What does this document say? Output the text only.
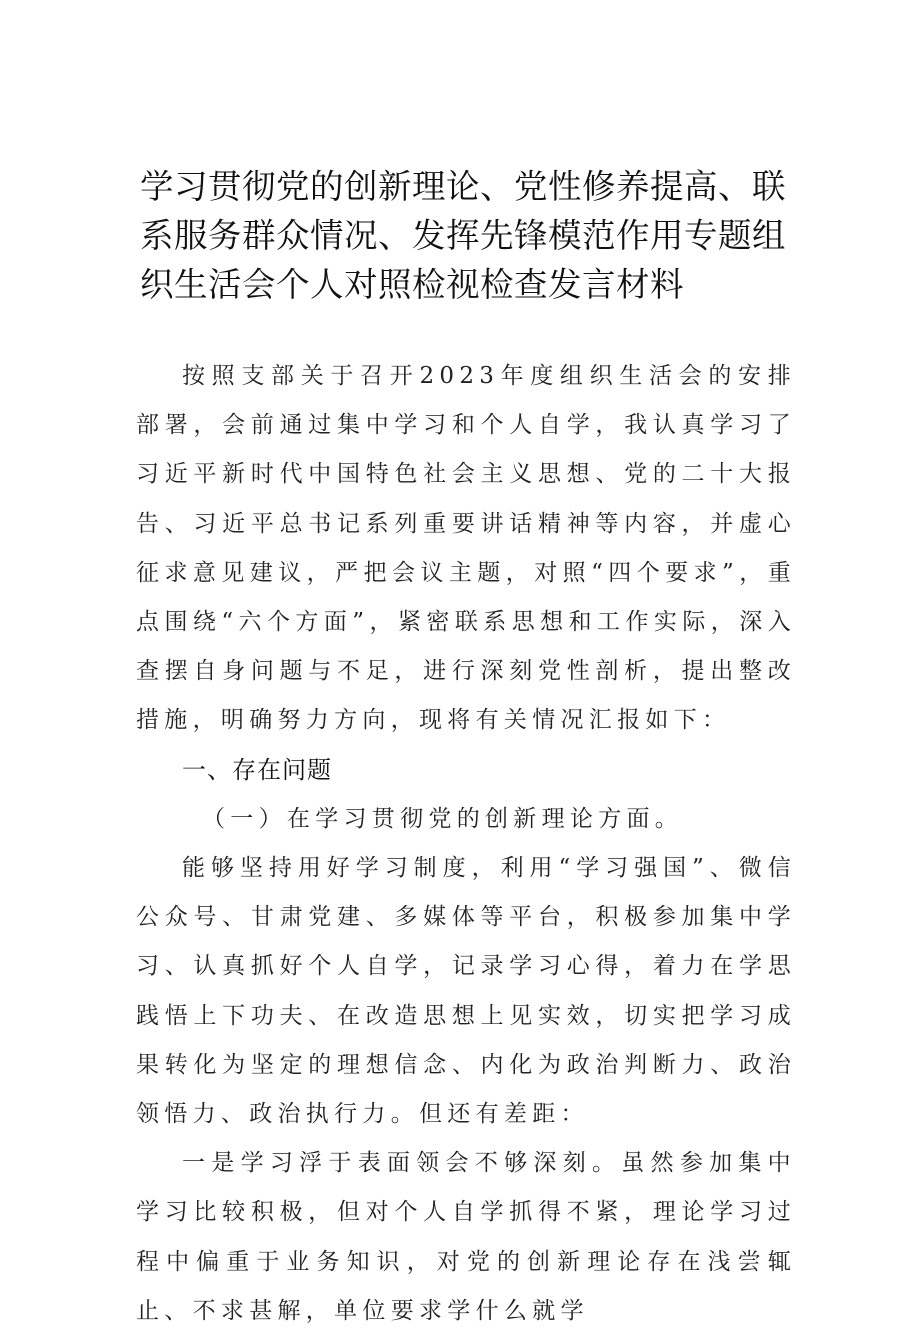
学习贯彻党的创新理论、党性修养提高、联系服务群众情况、发挥先锋模范作用专题组织生活会个人对照检视检查发言材料

按照支部关于召开2023年度组织生活会的安排部署，会前通过集中学习和个人自学，我认真学习了习近平新时代中国特色社会主义思想、党的二十大报告、习近平总书记系列重要讲话精神等内容，并虚心征求意见建议，严把会议主题，对照“四个要求”，重点围绕“六个方面”，紧密联系思想和工作实际，深入查摆自身问题与不足，进行深刻党性剖析，提出整改措施，明确努力方向，现将有关情况汇报如下：

一、存在问题

（一）在学习贯彻党的创新理论方面。

能够坚持用好学习制度，利用“学习强国”、微信公众号、甘肃党建、多媒体等平台，积极参加集中学习、认真抓好个人自学，记录学习心得，着力在学思践悟上下功夫、在改造思想上见实效，切实把学习成果转化为坚定的理想信念、内化为政治判断力、政治领悟力、政治执行力。但还有差距：

一是学习浮于表面领会不够深刻。虽然参加集中学习比较积极，但对个人自学抓得不紧，理论学习过程中偏重于业务知识，对党的创新理论存在浅尝辄止、不求甚解，单位要求学什么就学
